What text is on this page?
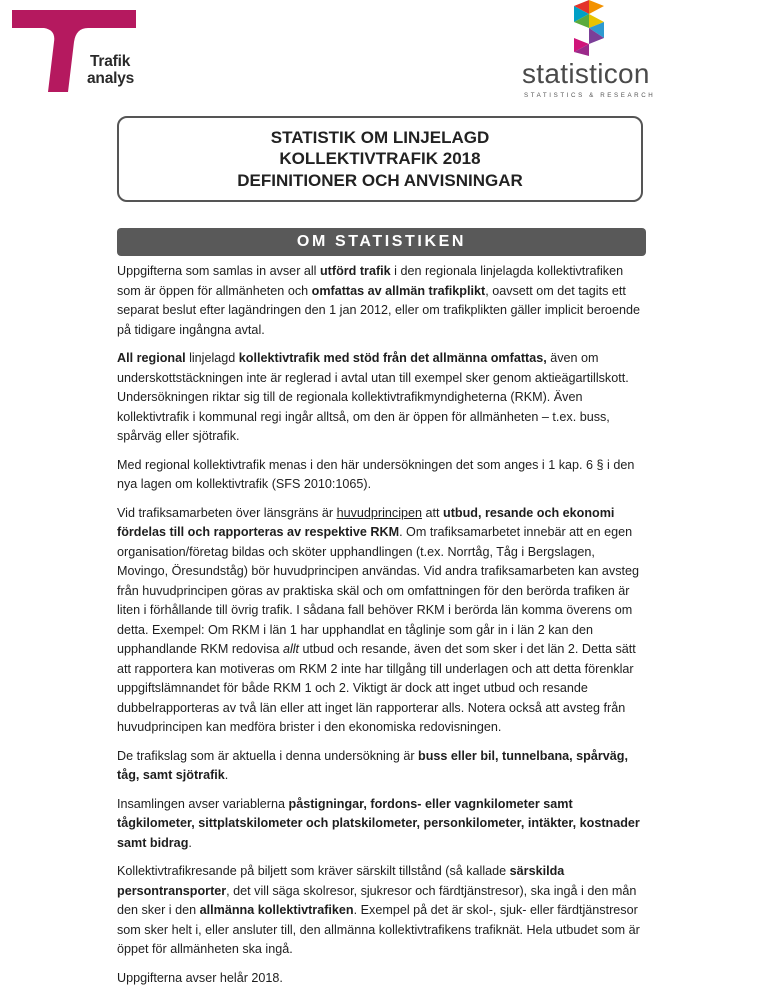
Trafik
analys	statisticon
STATISTICS & RESEARCH
STATISTIK OM LINJELAGD
KOLLEKTIVTRAFIK 2018
DEFINITIONER OCH ANVISNINGAR
OM STATISTIKEN

Uppgifterna som samlas in avser all utförd trafik i den regionala linjelagda kollektivtrafiken som är öppen för allmänheten och omfattas av allmän trafikplikt, oavsett om det tagits ett separat beslut efter lagändringen den 1 jan 2012, eller om trafikplikten gäller implicit beroende på tidigare ingångna avtal.

All regional linjelagd kollektivtrafik med stöd från det allmänna omfattas, även om underskottstäckningen inte är reglerad i avtal utan till exempel sker genom aktieägartillskott. Undersökningen riktar sig till de regionala kollektivtrafikmyndigheterna (RKM). Även kollektivtrafik i kommunal regi ingår alltså, om den är öppen för allmänheten – t.ex. buss, spårväg eller sjötrafik.

Med regional kollektivtrafik menas i den här undersökningen det som anges i 1 kap. 6 § i den nya lagen om kollektivtrafik (SFS 2010:1065).

Vid trafiksamarbeten över länsgräns är huvudprincipen att utbud, resande och ekonomi fördelas till och rapporteras av respektive RKM. Om trafiksamarbetet innebär att en egen organisation/företag bildas och sköter upphandlingen (t.ex. Norrtåg, Tåg i Bergslagen, Movingo, Öresundståg) bör huvudprincipen användas. Vid andra trafiksamarbeten kan avsteg från huvudprincipen göras av praktiska skäl och om omfattningen för den berörda trafiken är liten i förhållande till övrig trafik. I sådana fall behöver RKM i berörda län komma överens om detta. Exempel: Om RKM i län 1 har upphandlat en tåglinje som går in i län 2 kan den upphandlande RKM redovisa allt utbud och resande, även det som sker i det län 2. Detta sätt att rapportera kan motiveras om RKM 2 inte har tillgång till underlagen och att detta förenklar uppgiftslämnandet för både RKM 1 och 2. Viktigt är dock att inget utbud och resande dubbelrapporteras av två län eller att inget län rapporterar alls. Notera också att avsteg från huvudprincipen kan medföra brister i den ekonomiska redovisningen.

De trafikslag som är aktuella i denna undersökning är buss eller bil, tunnelbana, spårväg, tåg, samt sjötrafik.

Insamlingen avser variablerna påstigningar, fordons- eller vagnkilometer samt tågkilometer, sittplatskilometer och platskilometer, personkilometer, intäkter, kostnader samt bidrag.

Kollektivtrafikresande på biljett som kräver särskilt tillstånd (så kallade särskilda persontransporter, det vill säga skolresor, sjukresor och färdtjänstresor), ska ingå i den mån den sker i den allmänna kollektivtrafiken. Exempel på det är skol-, sjuk- eller färdtjänstresor som sker helt i, eller ansluter till, den allmänna kollektivtrafikens trafiknät. Hela utbudet som är öppet för allmänheten ska ingå.

Uppgifterna avser helår 2018.
